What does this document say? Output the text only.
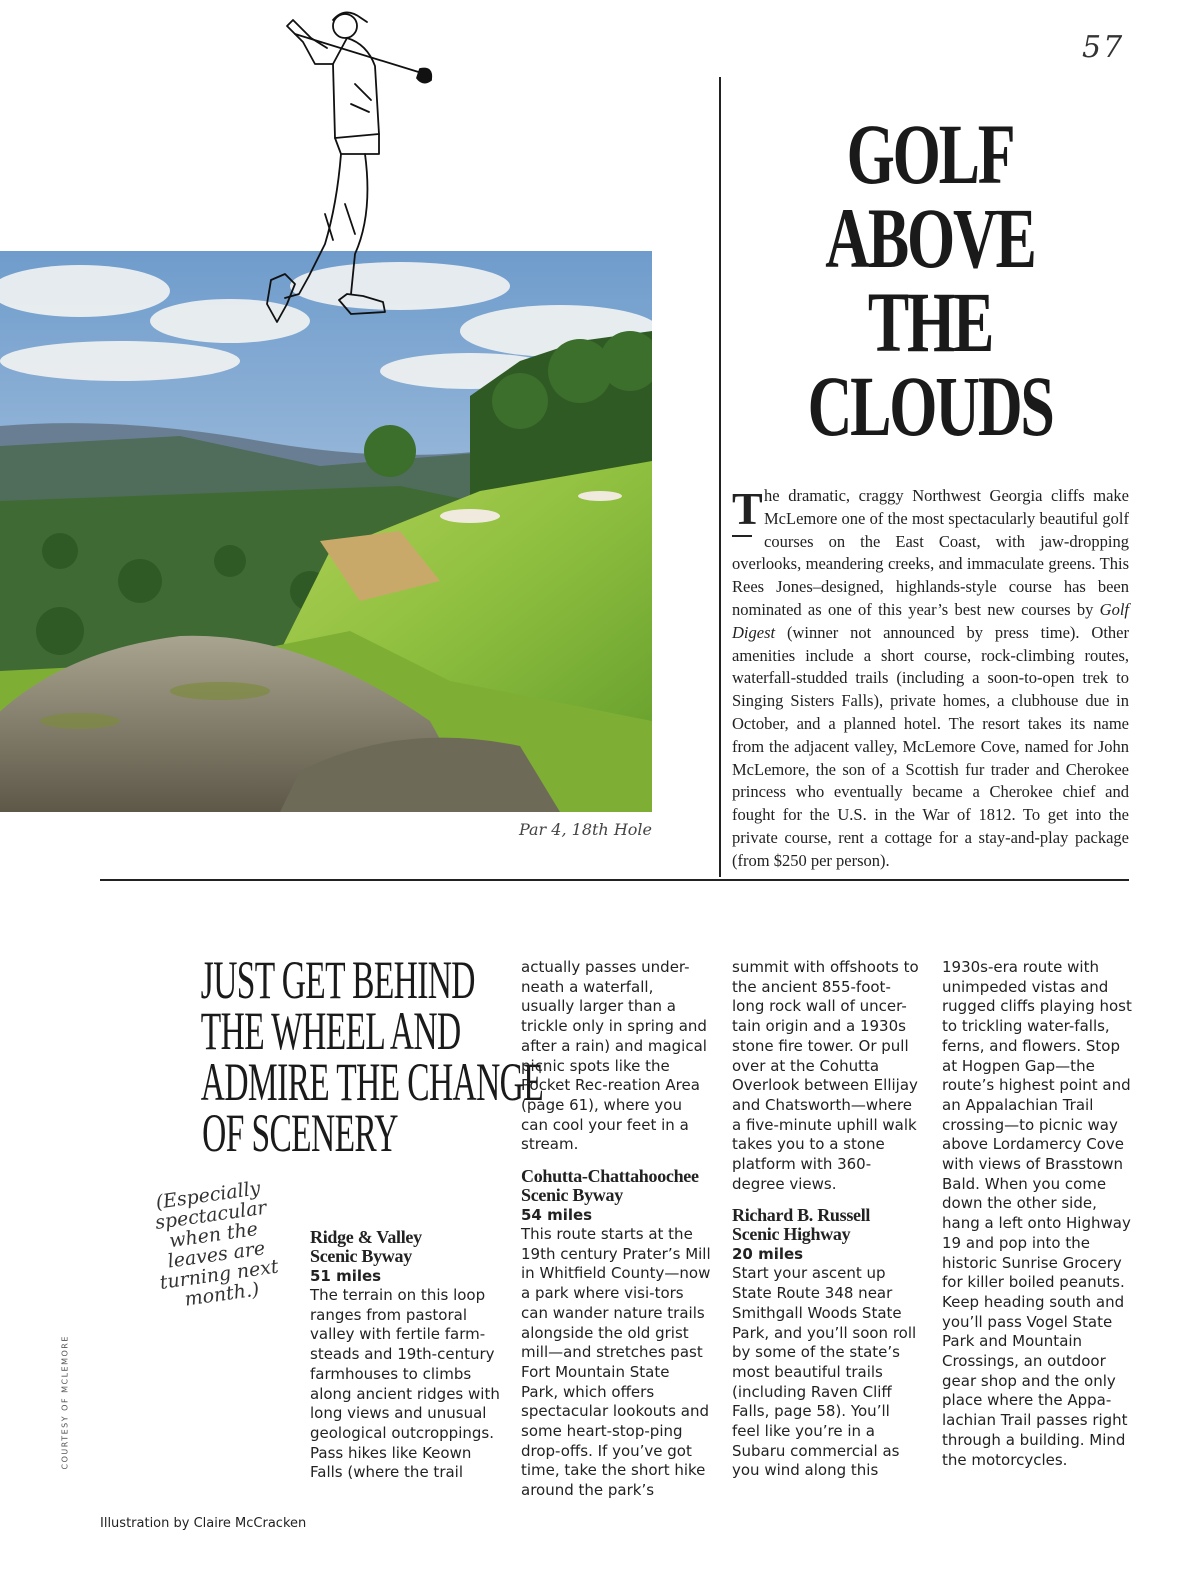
57
Par 4, 18th Hole
GOLF
ABOVE
THE
CLOUDS
T he dramatic, craggy Northwest Georgia cliffs make McLemore one of the most spectacularly beautiful golf courses on the East Coast, with jaw-dropping overlooks, meandering creeks, and immaculate greens. This Rees Jones–designed, highlands-style course has been nominated as one of this year’s best new courses by Golf Digest (winner not announced by press time). Other amenities include a short course, rock-climbing routes, waterfall-studded trails (including a soon-to-open trek to Singing Sisters Falls), private homes, a clubhouse due in October, and a planned hotel. The resort takes its name from the adjacent valley, McLemore Cove, named for John McLemore, the son of a Scottish fur trader and Cherokee princess who eventually became a Cherokee chief and fought for the U.S. in the War of 1812. To get into the private course, rent a cottage for a stay-and-play package (from $250 per person).
JUST GET BEHIND
THE WHEEL AND
ADMIRE THE CHANGE
OF SCENERY
(Especially spectacular when the leaves are turning next month.)
Ridge & Valley
Scenic Byway

51 miles

The terrain on this loop ranges from pastoral valley with fertile farm-steads and 19th-century farmhouses to climbs along ancient ridges with long views and unusual geological outcroppings. Pass hikes like Keown Falls (where the trail

actually passes under-neath a waterfall, usually larger than a trickle only in spring and after a rain) and magical picnic spots like the Pocket Rec-reation Area (page 61), where you can cool your feet in a stream.

Cohutta-Chattahoochee
Scenic Byway

54 miles

This route starts at the 19th century Prater’s Mill in Whitfield County—now a park where visi-tors can wander nature trails alongside the old grist mill—and stretches past Fort Mountain State Park, which offers spectacular lookouts and some heart-stop-ping drop-offs. If you’ve got time, take the short hike around the park’s

summit with offshoots to the ancient 855-foot-long rock wall of uncer-tain origin and a 1930s stone fire tower. Or pull over at the Cohutta Overlook between Ellijay and Chatsworth—where a five-minute uphill walk takes you to a stone platform with 360-degree views.

Richard B. Russell
Scenic Highway

20 miles

Start your ascent up State Route 348 near Smithgall Woods State Park, and you’ll soon roll by some of the state’s most beautiful trails (including Raven Cliff Falls, page 58). You’ll feel like you’re in a Subaru commercial as you wind along this

1930s-era route with unimpeded vistas and rugged cliffs playing host to trickling water-falls, ferns, and flowers. Stop at Hogpen Gap—the route’s highest point and an Appalachian Trail crossing—to picnic way above Lordamercy Cove with views of Brasstown Bald. When you come down the other side, hang a left onto Highway 19 and pop into the historic Sunrise Grocery for killer boiled peanuts. Keep heading south and you’ll pass Vogel State Park and Mountain Crossings, an outdoor gear shop and the only place where the Appa-lachian Trail passes right through a building. Mind the motorcycles.

COURTESY OF MCLEMORE
Illustration by Claire McCracken
